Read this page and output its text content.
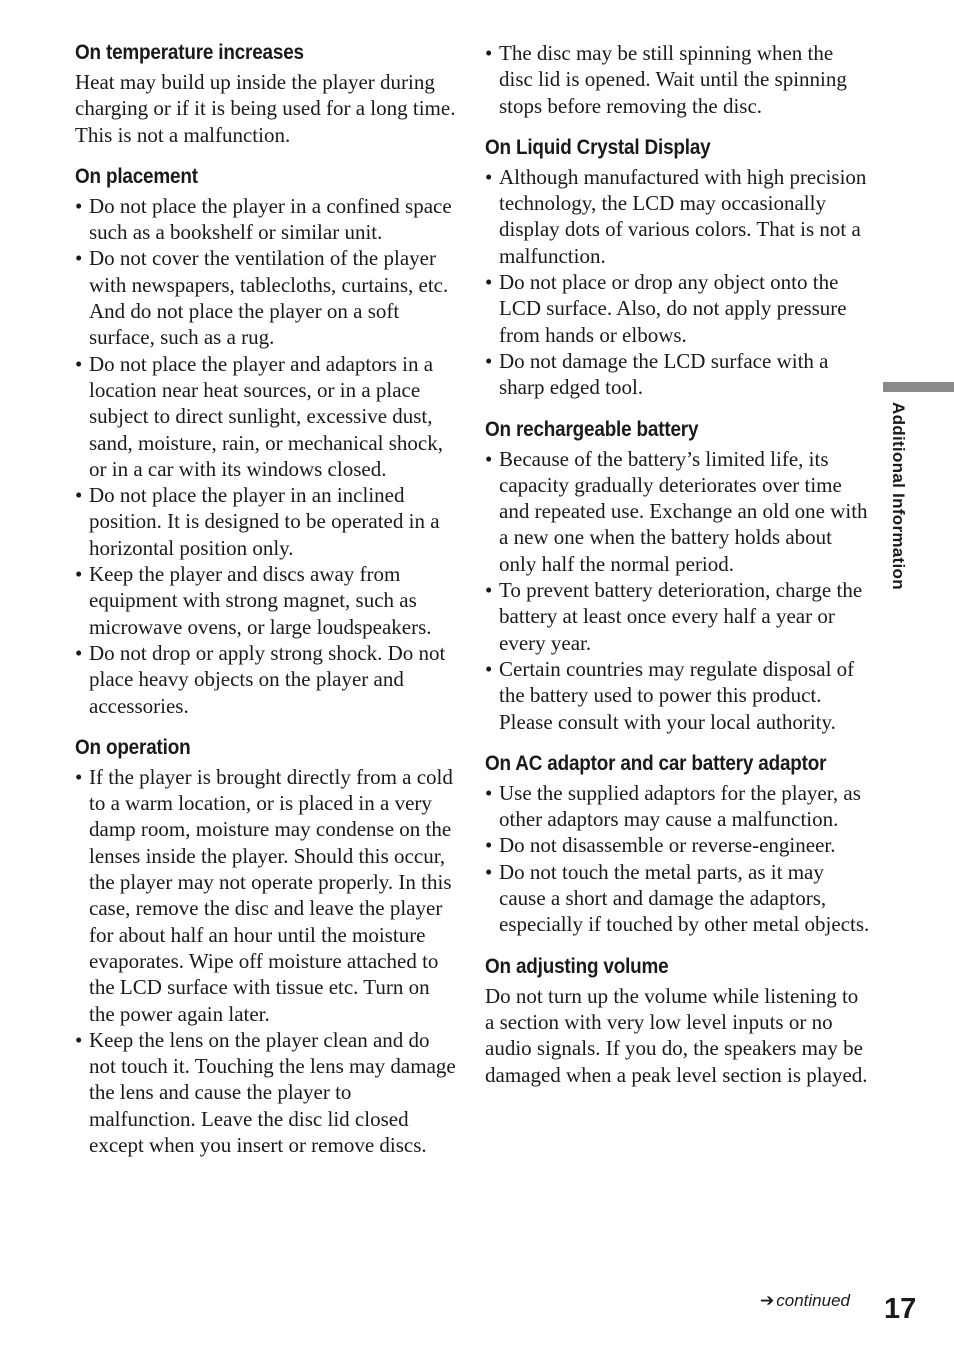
On temperature increases

Heat may build up inside the player during charging or if it is being used for a long time. This is not a malfunction.

On placement
• Do not place the player in a confined space such as a bookshelf or similar unit.
• Do not cover the ventilation of the player with newspapers, tablecloths, curtains, etc. And do not place the player on a soft surface, such as a rug.
• Do not place the player and adaptors in a location near heat sources, or in a place subject to direct sunlight, excessive dust, sand, moisture, rain, or mechanical shock, or in a car with its windows closed.
• Do not place the player in an inclined position. It is designed to be operated in a horizontal position only.
• Keep the player and discs away from equipment with strong magnet, such as microwave ovens, or large loudspeakers.
• Do not drop or apply strong shock. Do not place heavy objects on the player and accessories.
On operation
• If the player is brought directly from a cold to a warm location, or is placed in a very damp room, moisture may condense on the lenses inside the player. Should this occur, the player may not operate properly. In this case, remove the disc and leave the player for about half an hour until the moisture evaporates. Wipe off moisture attached to the LCD surface with tissue etc. Turn on the power again later.
• Keep the lens on the player clean and do not touch it. Touching the lens may damage the lens and cause the player to malfunction. Leave the disc lid closed except when you insert or remove discs.
• The disc may be still spinning when the disc lid is opened. Wait until the spinning stops before removing the disc.
On Liquid Crystal Display
• Although manufactured with high precision technology, the LCD may occasionally display dots of various colors. That is not a malfunction.
• Do not place or drop any object onto the LCD surface. Also, do not apply pressure from hands or elbows.
• Do not damage the LCD surface with a sharp edged tool.
On rechargeable battery
• Because of the battery’s limited life, its capacity gradually deteriorates over time and repeated use. Exchange an old one with a new one when the battery holds about only half the normal period.
• To prevent battery deterioration, charge the battery at least once every half a year or every year.
• Certain countries may regulate disposal of the battery used to power this product. Please consult with your local authority.
On AC adaptor and car battery adaptor
• Use the supplied adaptors for the player, as other adaptors may cause a malfunction.
• Do not disassemble or reverse-engineer.
• Do not touch the metal parts, as it may cause a short and damage the adaptors, especially if touched by other metal objects.
On adjusting volume

Do not turn up the volume while listening to a section with very low level inputs or no audio signals. If you do, the speakers may be damaged when a peak level section is played.

Additional Information
➔ continued 17
